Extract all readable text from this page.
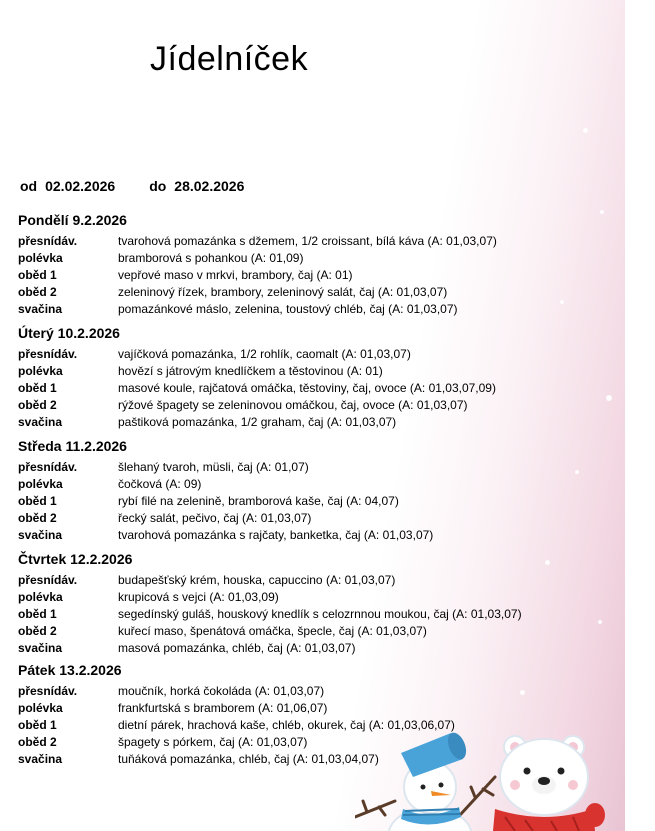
Jídelníček
od 02.02.2026 do 28.02.2026
Pondělí 9.2.2026
přesnídáv.	tvarohová pomazánka s džemem, 1/2 croissant, bílá káva (A: 01,03,07)
polévka	bramborová s pohankou (A: 01,09)
oběd 1	vepřové maso v mrkvi, brambory, čaj (A: 01)
oběd 2	zeleninový řízek, brambory, zeleninový salát, čaj (A: 01,03,07)
svačina	pomazánkové máslo, zelenina, toustový chléb, čaj (A: 01,03,07)
Úterý 10.2.2026
přesnídáv.	vajíčková pomazánka, 1/2 rohlík, caomalt (A: 01,03,07)
polévka	hovězí s játrovým knedlíčkem a těstovinou (A: 01)
oběd 1	masové koule, rajčatová omáčka, těstoviny, čaj, ovoce (A: 01,03,07,09)
oběd 2	rýžové špagety se zeleninovou omáčkou, čaj, ovoce (A: 01,03,07)
svačina	paštiková pomazánka, 1/2 graham, čaj (A: 01,03,07)
Středa 11.2.2026
přesnídáv.	šlehaný tvaroh, müsli, čaj (A: 01,07)
polévka	čočková (A: 09)
oběd 1	rybí filé na zelenině, bramborová kaše, čaj (A: 04,07)
oběd 2	řecký salát, pečivo, čaj (A: 01,03,07)
svačina	tvarohová pomazánka s rajčaty, banketka, čaj (A: 01,03,07)
Čtvrtek 12.2.2026
přesnídáv.	budapešťský krém, houska, capuccino (A: 01,03,07)
polévka	krupicová s vejci (A: 01,03,09)
oběd 1	segedínský guláš, houskový knedlík s celozrnnou moukou, čaj (A: 01,03,07)
oběd 2	kuřecí maso, špenátová omáčka, špecle, čaj (A: 01,03,07)
svačina	masová pomazánka, chléb, čaj (A: 01,03,07)
Pátek 13.2.2026
přesnídáv.	moučník, horká čokoláda (A: 01,03,07)
polévka	frankfurtská s bramborem (A: 01,06,07)
oběd 1	dietní párek, hrachová kaše, chléb, okurek, čaj (A: 01,03,06,07)
oběd 2	špagety s pórkem, čaj (A: 01,03,07)
svačina	tuňáková pomazánka, chléb, čaj (A: 01,03,04,07)
